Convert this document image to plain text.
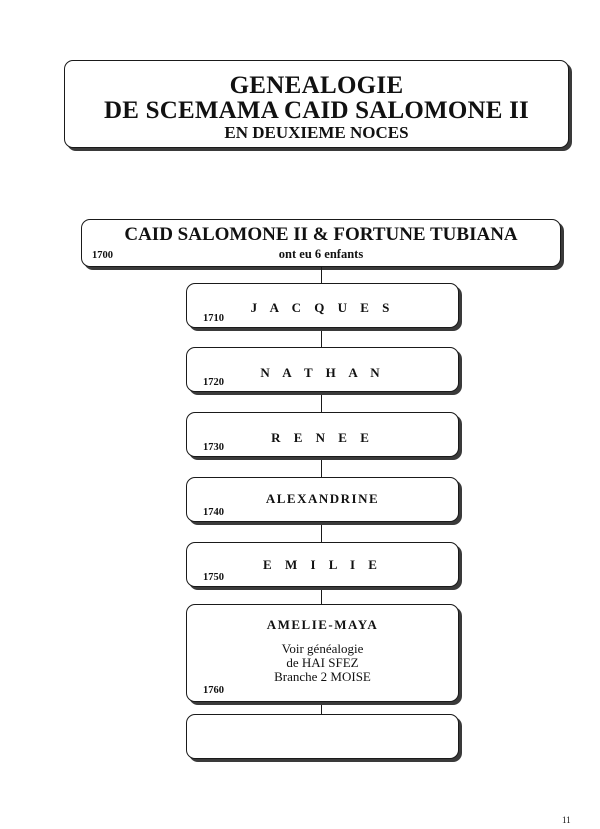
GENEALOGIE
DE SCEMAMA CAID SALOMONE II
EN DEUXIEME NOCES
CAID SALOMONE II & FORTUNE TUBIANA
ont eu 6 enfants
1700
J A C Q U E S
1710
N A T H A N
1720
R E N E E
1730
ALEXANDRINE
1740
E M I L I E
1750
AMELIE-MAYA
Voir généalogie
de HAI SFEZ
Branche 2 MOISE
1760
11
